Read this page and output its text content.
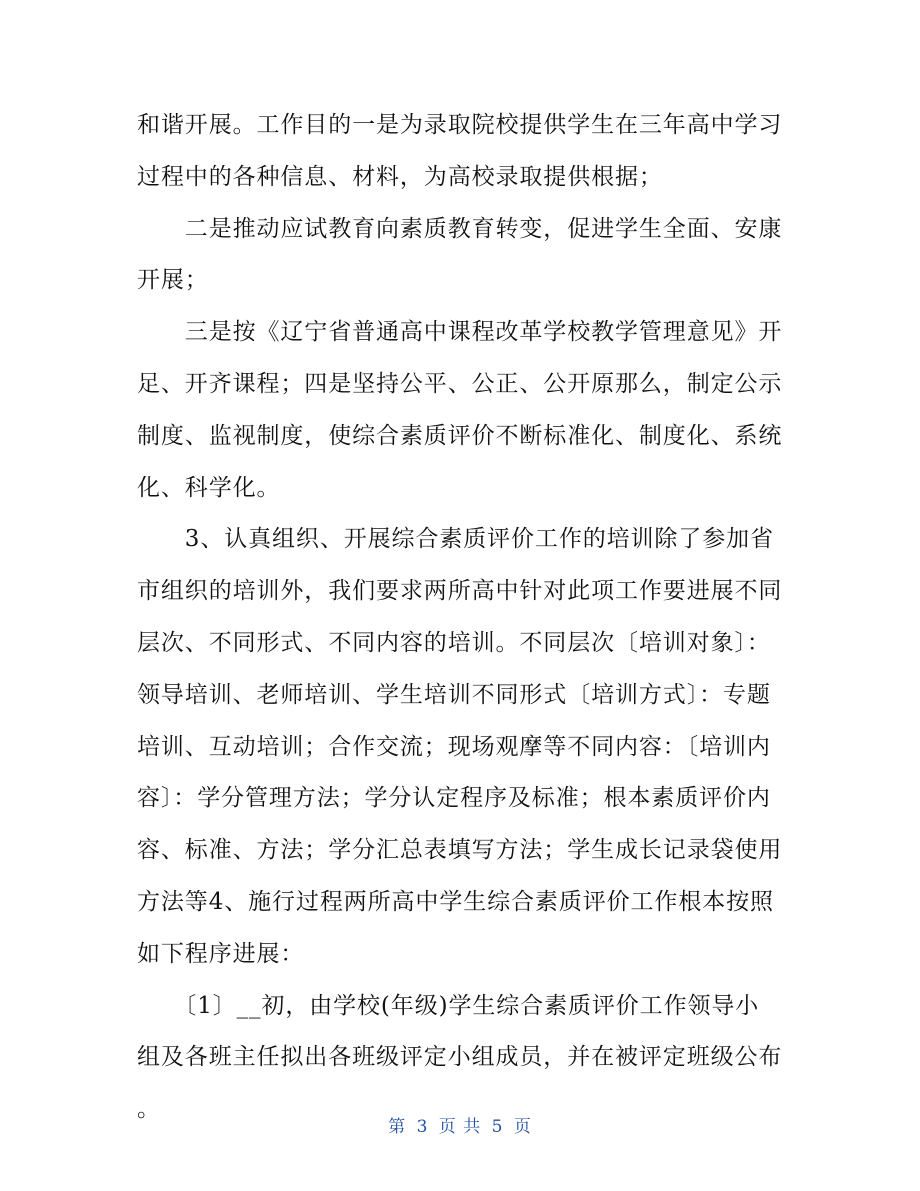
和谐开展。工作目的一是为录取院校提供学生在三年高中学习
过程中的各种信息、材料，为高校录取提供根据；
　　二是推动应试教育向素质教育转变，促进学生全面、安康
开展；
　　三是按《辽宁省普通高中课程改革学校教学管理意见》开
足、开齐课程；四是坚持公平、公正、公开原那么，制定公示
制度、监视制度，使综合素质评价不断标准化、制度化、系统
化、科学化。
　　3、认真组织、开展综合素质评价工作的培训除了参加省
市组织的培训外，我们要求两所高中针对此项工作要进展不同
层次、不同形式、不同内容的培训。不同层次〔培训对象〕：
领导培训、老师培训、学生培训不同形式〔培训方式〕：专题
培训、互动培训；合作交流；现场观摩等不同内容：〔培训内
容〕：学分管理方法；学分认定程序及标准；根本素质评价内
容、标准、方法；学分汇总表填写方法；学生成长记录袋使用
方法等4、施行过程两所高中学生综合素质评价工作根本按照
如下程序进展：
　　〔1〕__初，由学校(年级)学生综合素质评价工作领导小
组及各班主任拟出各班级评定小组成员，并在被评定班级公布
。
第 3 页 共 5 页
